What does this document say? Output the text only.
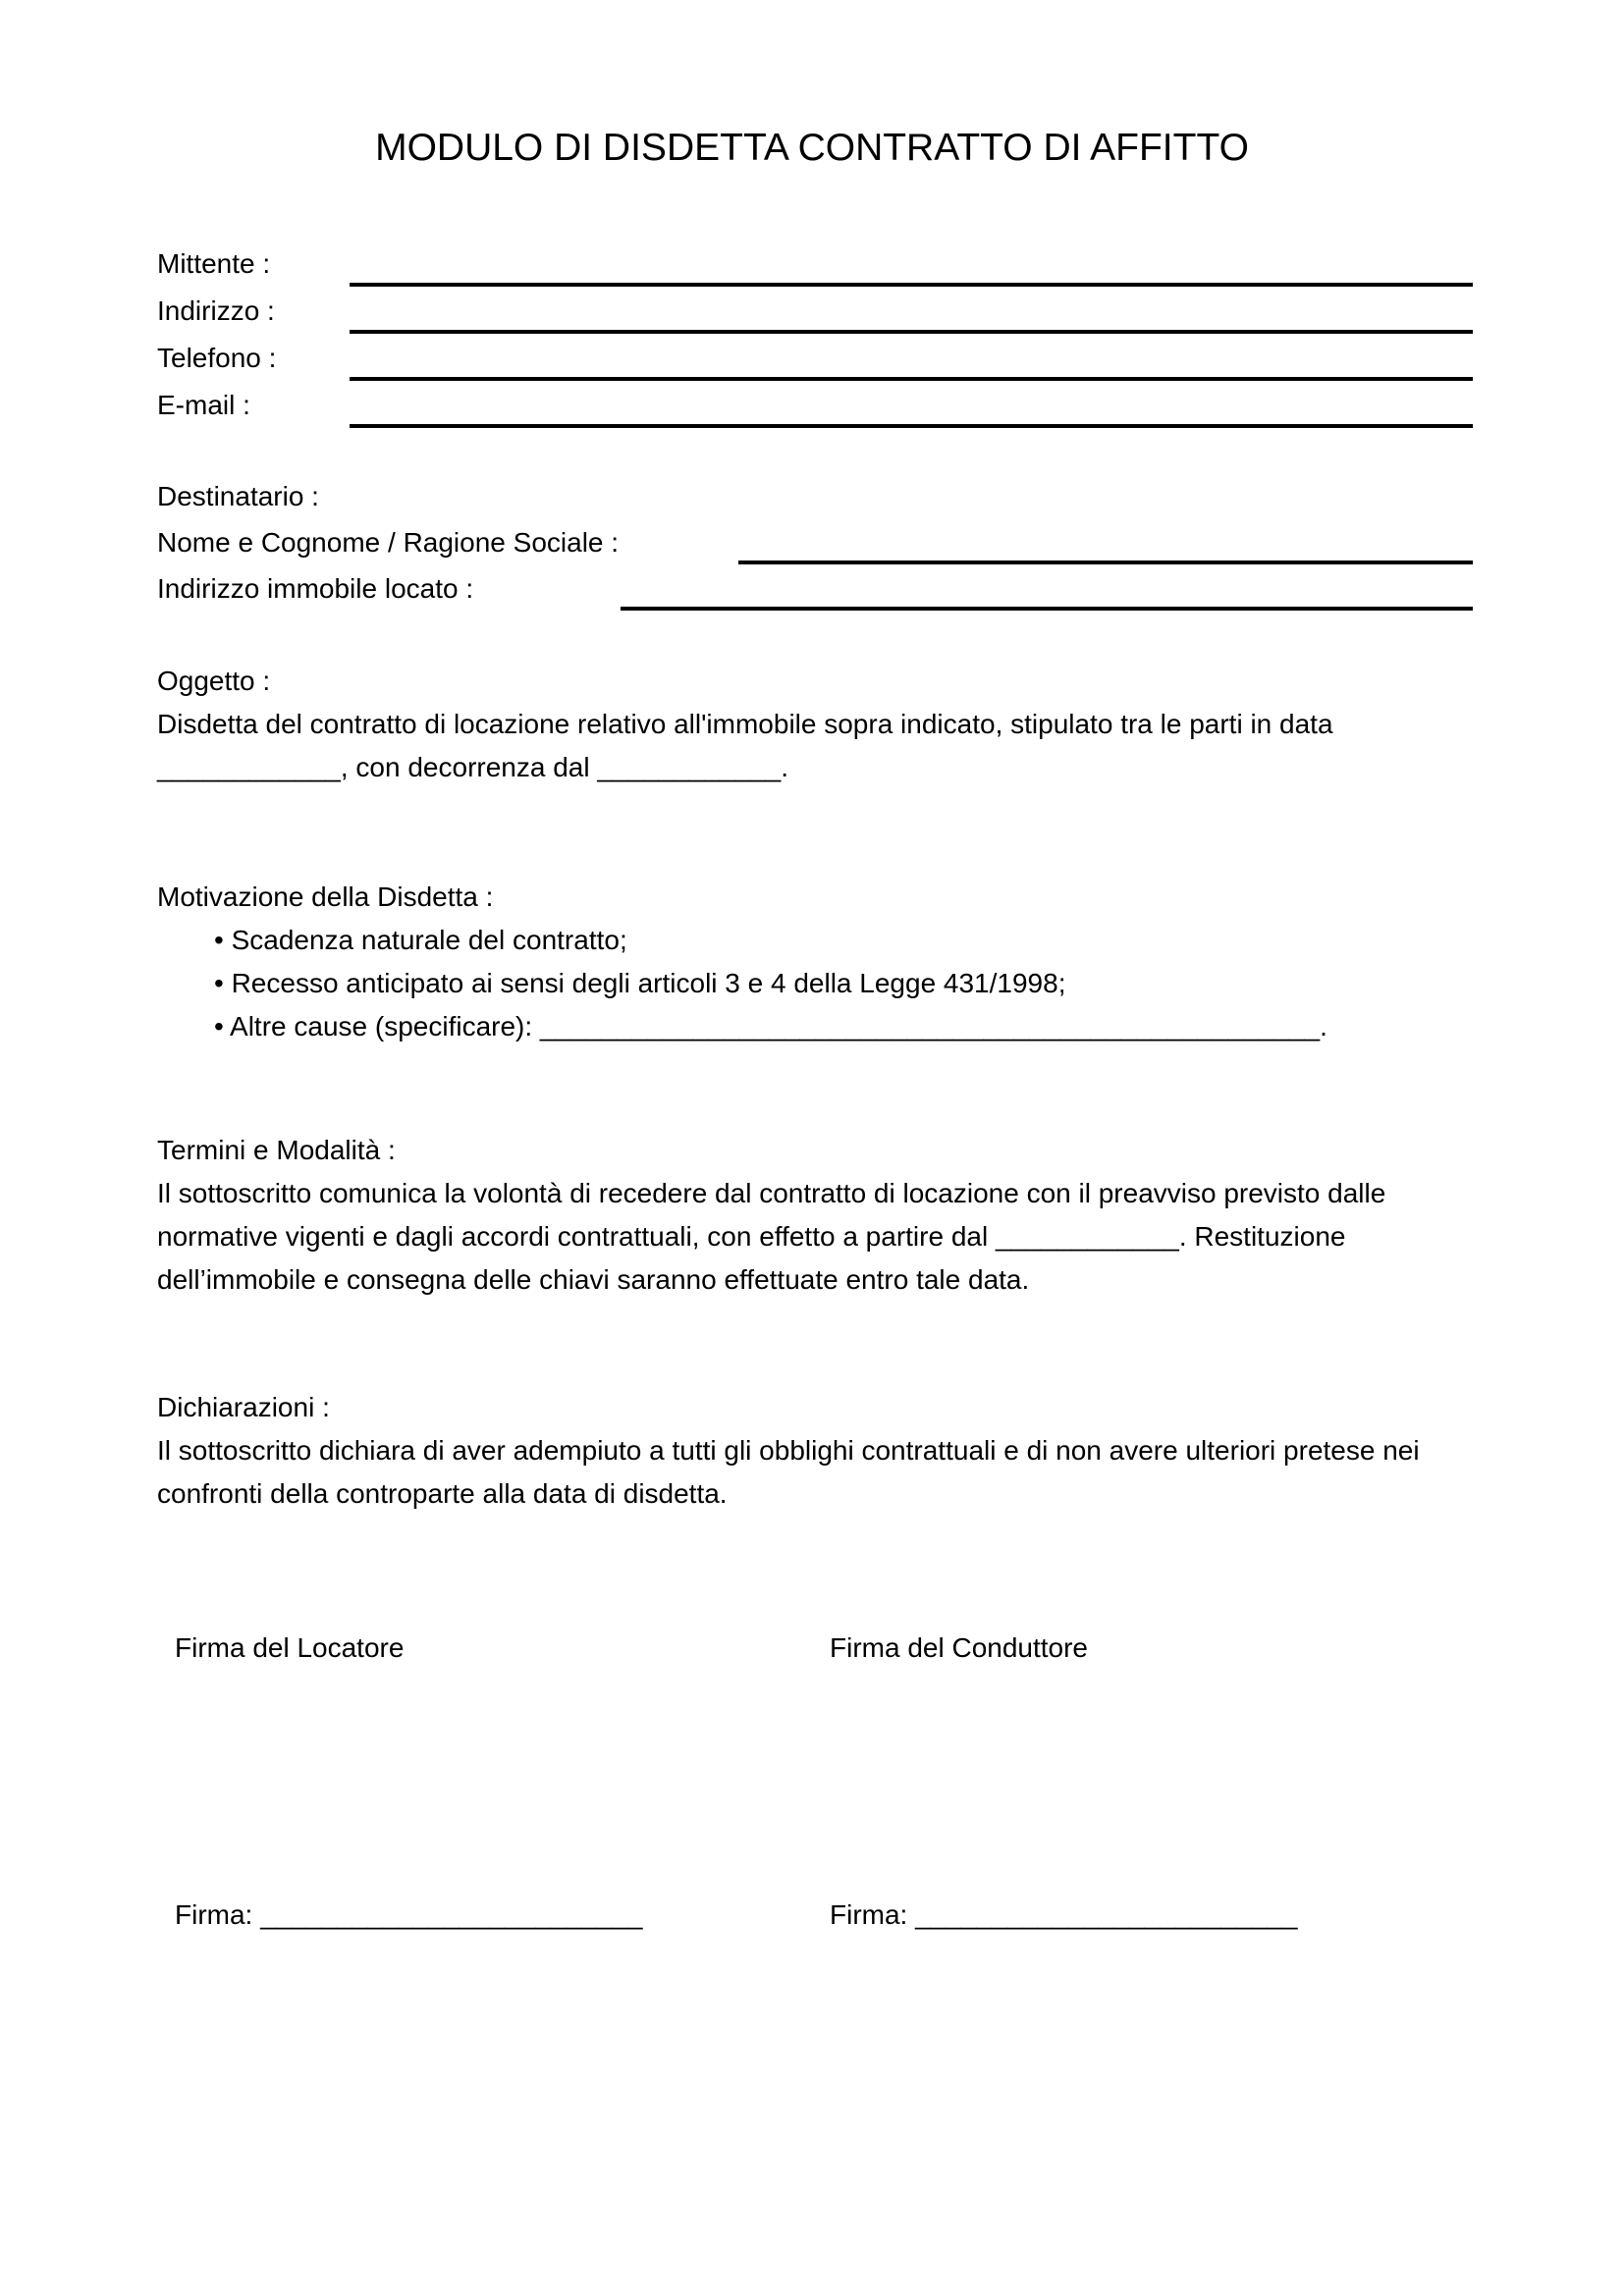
MODULO DI DISDETTA CONTRATTO DI AFFITTO
Mittente :
Indirizzo :
Telefono :
E-mail :
Destinatario :
Nome e Cognome / Ragione Sociale :
Indirizzo immobile locato :
Oggetto :

Disdetta del contratto di locazione relativo all'immobile sopra indicato, stipulato tra le parti in data ____________, con decorrenza dal ____________.

Motivazione della Disdetta :
• Scadenza naturale del contratto;
• Recesso anticipato ai sensi degli articoli 3 e 4 della Legge 431/1998;
• Altre cause (specificare): ___________________________________________________.
Termini e Modalità :

Il sottoscritto comunica la volontà di recedere dal contratto di locazione con il preavviso previsto dalle normative vigenti e dagli accordi contrattuali, con effetto a partire dal ____________. Restituzione dell’immobile e consegna delle chiavi saranno effettuate entro tale data.

Dichiarazioni :

Il sottoscritto dichiara di aver adempiuto a tutti gli obblighi contrattuali e di non avere ulteriori pretese nei confronti della controparte alla data di disdetta.

Firma del Locatore	Firma del Conduttore
Firma: _________________________	Firma: _________________________
